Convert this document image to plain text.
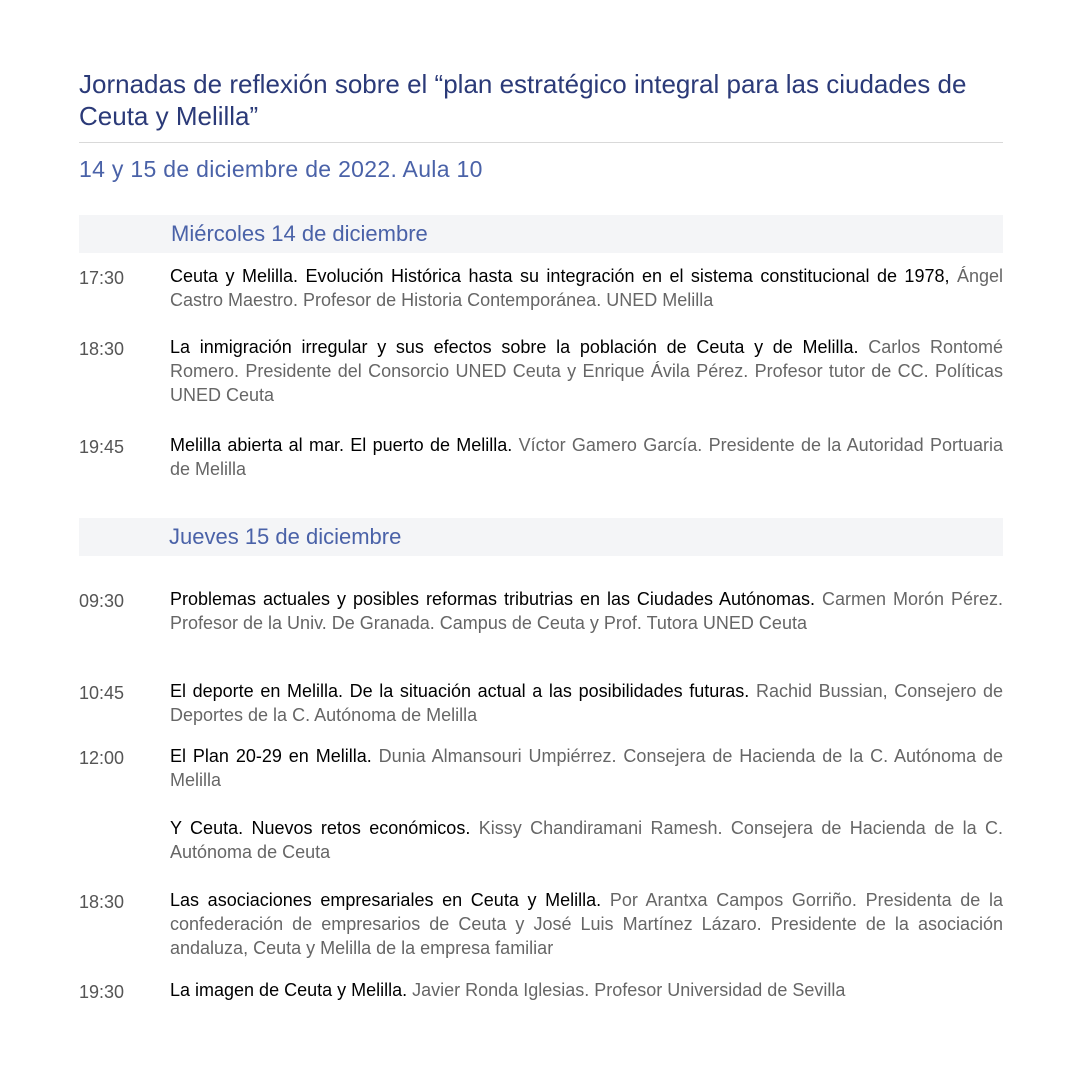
Jornadas de reflexión sobre el “plan estratégico integral para las ciudades de Ceuta y Melilla”
14 y 15 de diciembre de 2022. Aula 10
Miércoles 14 de diciembre
17:30	Ceuta y Melilla. Evolución Histórica hasta su integración en el sistema constitucional de 1978, Ángel Castro Maestro. Profesor de Historia Contemporánea. UNED Melilla
18:30	La inmigración irregular y sus efectos sobre la población de Ceuta y de Melilla. Carlos Rontomé Romero. Presidente del Consorcio UNED Ceuta y Enrique Ávila Pérez. Profesor tutor de CC. Políticas UNED Ceuta
19:45	Melilla abierta al mar. El puerto de Melilla. Víctor Gamero García. Presidente de la Autoridad Portuaria de Melilla
Jueves 15 de diciembre
09:30	Problemas actuales y posibles reformas tributrias en las Ciudades Autónomas. Carmen Morón Pérez. Profesor de la Univ. De Granada. Campus de Ceuta y Prof. Tutora UNED Ceuta
10:45	El deporte en Melilla. De la situación actual a las posibilidades futuras. Rachid Bussian, Consejero de Deportes de la C. Autónoma de Melilla
12:00	El Plan 20-29 en Melilla. Dunia Almansouri Umpiérrez. Consejera de Hacienda de la C. Autónoma de Melilla
Y Ceuta. Nuevos retos económicos. Kissy Chandiramani Ramesh. Consejera de Hacienda de la C. Autónoma de Ceuta
18:30	Las asociaciones empresariales en Ceuta y Melilla. Por Arantxa Campos Gorriño. Presidenta de la confederación de empresarios de Ceuta y José Luis Martínez Lázaro. Presidente de la asociación andaluza, Ceuta y Melilla de la empresa familiar
19:30	La imagen de Ceuta y Melilla. Javier Ronda Iglesias. Profesor Universidad de Sevilla
